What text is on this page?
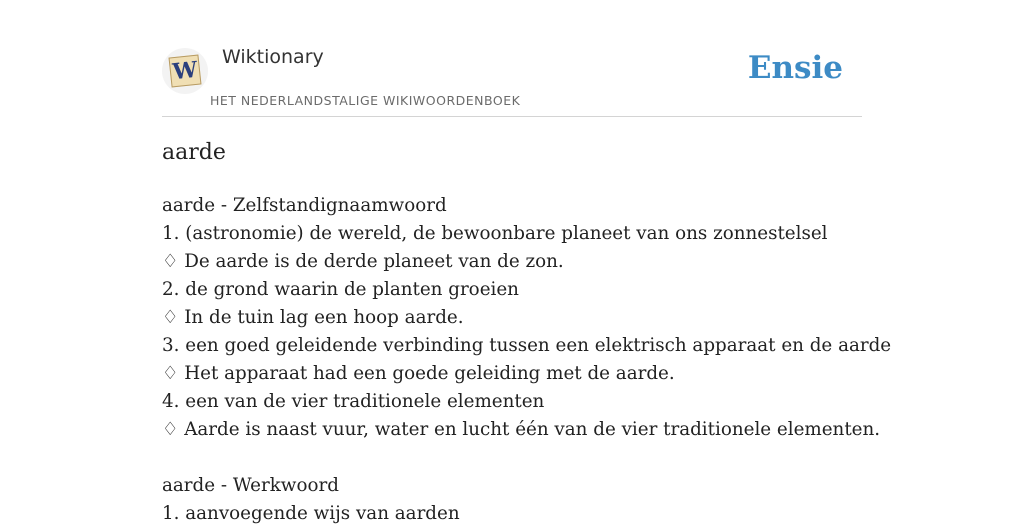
W Wiktionary
HET NEDERLANDSTALIGE WIKIWOORDENBOEK
Ensie
aarde
aarde - Zelfstandignaamwoord
1. (astronomie) de wereld, de bewoonbare planeet van ons zonnestelsel
♢ De aarde is de derde planeet van de zon.
2. de grond waarin de planten groeien
♢ In de tuin lag een hoop aarde.
3. een goed geleidende verbinding tussen een elektrisch apparaat en de aarde
♢ Het apparaat had een goede geleiding met de aarde.
4. een van de vier traditionele elementen
♢ Aarde is naast vuur, water en lucht één van de vier traditionele elementen.
aarde - Werkwoord
1. aanvoegende wijs van aarden
